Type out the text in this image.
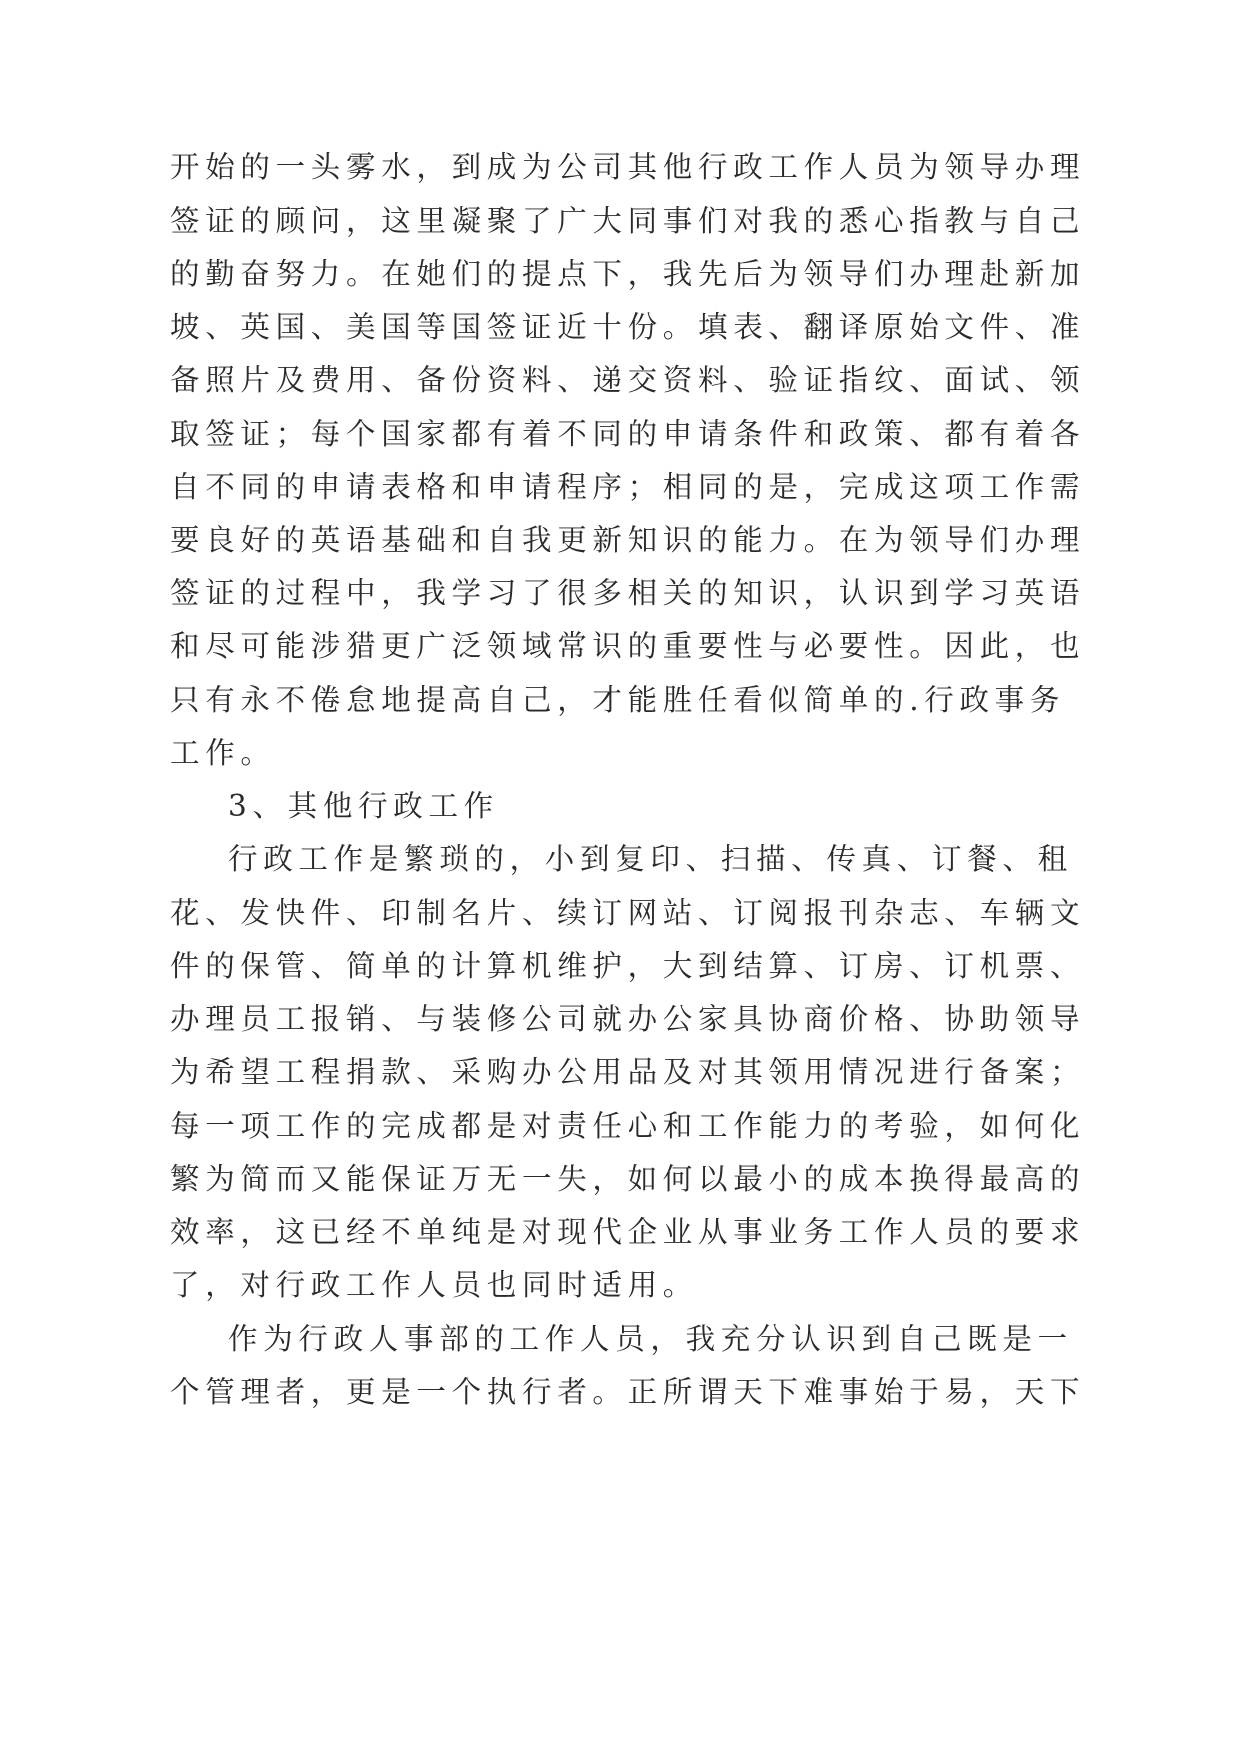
开始的一头雾水，到成为公司其他行政工作人员为领导办理
签证的顾问，这里凝聚了广大同事们对我的悉心指教与自己
的勤奋努力。在她们的提点下，我先后为领导们办理赴新加
坡、英国、美国等国签证近十份。填表、翻译原始文件、准
备照片及费用、备份资料、递交资料、验证指纹、面试、领
取签证；每个国家都有着不同的申请条件和政策、都有着各
自不同的申请表格和申请程序；相同的是，完成这项工作需
要良好的英语基础和自我更新知识的能力。在为领导们办理
签证的过程中，我学习了很多相关的知识，认识到学习英语
和尽可能涉猎更广泛领域常识的重要性与必要性。因此，也
只有永不倦怠地提高自己，才能胜任看似简单的.行政事务
工作。
3、其他行政工作
行政工作是繁琐的，小到复印、扫描、传真、订餐、租
花、发快件、印制名片、续订网站、订阅报刊杂志、车辆文
件的保管、简单的计算机维护，大到结算、订房、订机票、
办理员工报销、与装修公司就办公家具协商价格、协助领导
为希望工程捐款、采购办公用品及对其领用情况进行备案；
每一项工作的完成都是对责任心和工作能力的考验，如何化
繁为简而又能保证万无一失，如何以最小的成本换得最高的
效率，这已经不单纯是对现代企业从事业务工作人员的要求
了，对行政工作人员也同时适用。
作为行政人事部的工作人员，我充分认识到自己既是一
个管理者，更是一个执行者。正所谓天下难事始于易，天下
